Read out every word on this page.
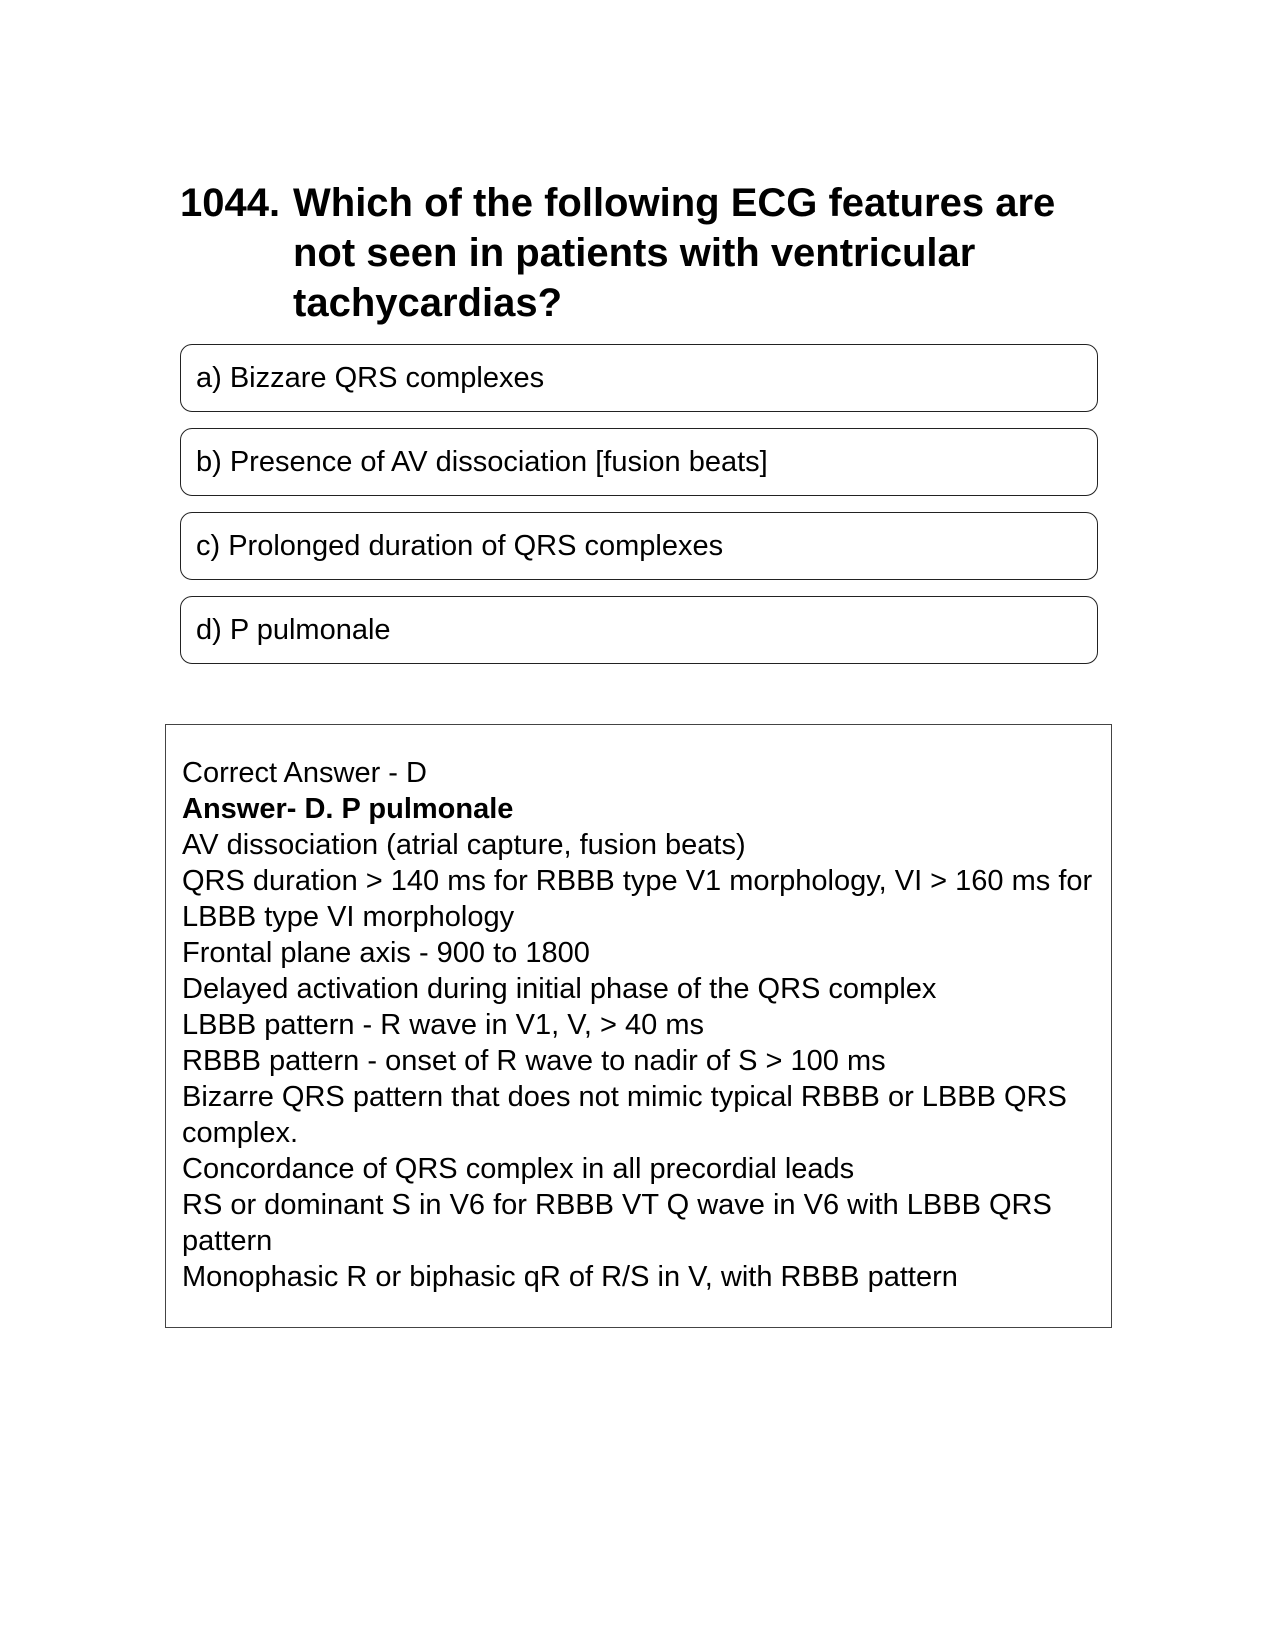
1044. Which of the following ECG features are not seen in patients with ventricular tachycardias?
a) Bizzare QRS complexes
b) Presence of AV dissociation [fusion beats]
c) Prolonged duration of QRS complexes
d) P pulmonale
Correct Answer - D
Answer- D. P pulmonale
AV dissociation (atrial capture, fusion beats)
QRS duration > 140 ms for RBBB type V1 morphology, VI > 160 ms for LBBB type VI morphology
Frontal plane axis - 900 to 1800
Delayed activation during initial phase of the QRS complex
LBBB pattern - R wave in V1, V, > 40 ms
RBBB pattern - onset of R wave to nadir of S > 100 ms
Bizarre QRS pattern that does not mimic typical RBBB or LBBB QRS complex.
Concordance of QRS complex in all precordial leads
RS or dominant S in V6 for RBBB VT Q wave in V6 with LBBB QRS pattern
Monophasic R or biphasic qR of R/S in V, with RBBB pattern
